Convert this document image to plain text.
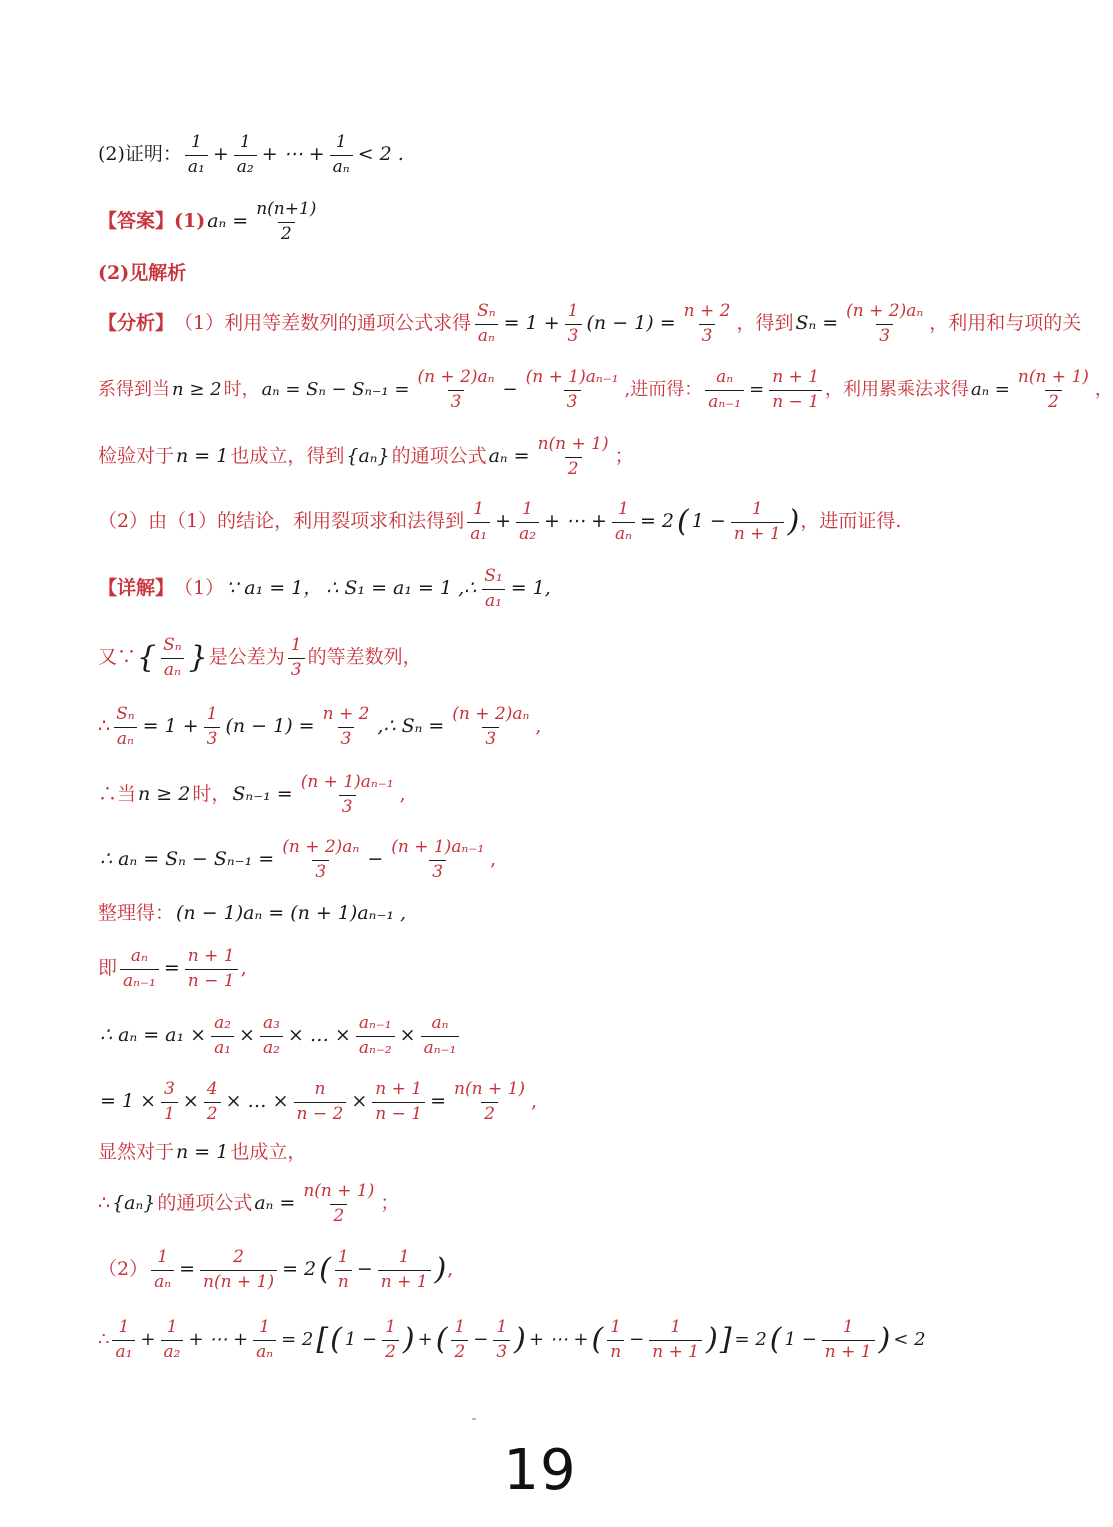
(2)证明： $\frac{1}{\text{a₁}} + \frac{1}{\text{a₂}}$ + ⋯ + $\frac{1}{\text{aₙ}} < 2$ .
【答案】 (1) $a_n = \frac{n(n+1)}{2}$
(2)见解析
【分析】 （1）利用等差数列的通项公式求得 $\frac{\text{Sₙ}}{\text{aₙ}} = 1 + \frac{1}{3} (n - 1) = \frac{n + 2}{3}$ ，得到 $S_n = \frac{\text{(n + 2)aₙ}}{3}$ ，利用和与项的关
系得到当 n ≥ 2 时， $a_n = S_n - S_{n-1} = \frac{\text{(n + 2)aₙ}}{3} - \frac{\text{(n + 1)aₙ₋₁}}{3}$ ,进而得： $\frac{\text{aₙ}}{\text{aₙ₋₁}} = \frac{n + 1}{n - 1}$ ，利用累乘法求得 $a_n = \frac{n(n + 1)}{2}$ ，
检验对于 n = 1 也成立，得到 {aₙ} 的通项公式 $a_n = \frac{n(n + 1)}{2}$ ；
（2）由（1）的结论，利用裂项求和法得到 $\frac{1}{\text{a₁}} + \frac{1}{\text{a₂}}$ + ⋯ + $\frac{1}{\text{aₙ}} = 2$ ( $1 - \frac{1}{n + 1}$ ) ，进而证得.
【详解】 （1） ∵ a₁ = 1， ∴ S₁ = a₁ = 1 ,∴ $\frac{\text{S₁}}{\text{a₁}} = 1$,
又∵ { $\frac{\text{Sₙ}}{\text{aₙ}}$ } 是公差为 $\frac{1}{3}$ 的等差数列，
∴ $\frac{\text{Sₙ}}{\text{aₙ}} = 1 + \frac{1}{3} (n - 1) = \frac{n + 2}{3}$ ,∴ $S_n = \frac{\text{(n + 2)aₙ}}{3}$ ,
∴当 n ≥ 2 时， $S_{n-1} = \frac{\text{(n + 1)aₙ₋₁}}{3}$ ,
∴ $a_n = S_n - S_{n-1} = \frac{\text{(n + 2)aₙ}}{3} - \frac{\text{(n + 1)aₙ₋₁}}{3}$ ,
整理得： (n − 1)aₙ = (n + 1)aₙ₋₁ ,
即 $\frac{\text{aₙ}}{\text{aₙ₋₁}} = \frac{n + 1}{n - 1}$ ,
∴ $a_n = a_1 \times \frac{\text{a₂}}{\text{a₁}} \times \frac{\text{a₃}}{\text{a₂}}$ × … × $\frac{\text{aₙ₋₁}}{\text{aₙ₋₂}} \times \frac{\text{aₙ}}{\text{aₙ₋₁}}$
= $1 \times \frac{3}{1} \times \frac{4}{2}$ × … × $\frac{n}{n - 2} \times \frac{n + 1}{n - 1} = \frac{n(n + 1)}{2}$ ,
显然对于 n = 1 也成立，
∴ {aₙ} 的通项公式 $a_n = \frac{n(n + 1)}{2}$ ；
$(2) \frac{1}{\text{aₙ}} = \frac{2}{n(n + 1)} = 2$ ( $\frac{1}{n} - \frac{1}{n + 1}$ ) ,
∴ $\frac{1}{\text{a₁}} + \frac{1}{\text{a₂}}$ + ⋯ + $\frac{1}{\text{aₙ}} = 2$ [ ( $1 - \frac{1}{2}$ ) + ( $\frac{1}{2} - \frac{1}{3}$ ) + ⋯ + ( $\frac{1}{n} - \frac{1}{n + 1}$ ) ] = 2 ( $1 - \frac{1}{n + 1}$ ) < 2
19
